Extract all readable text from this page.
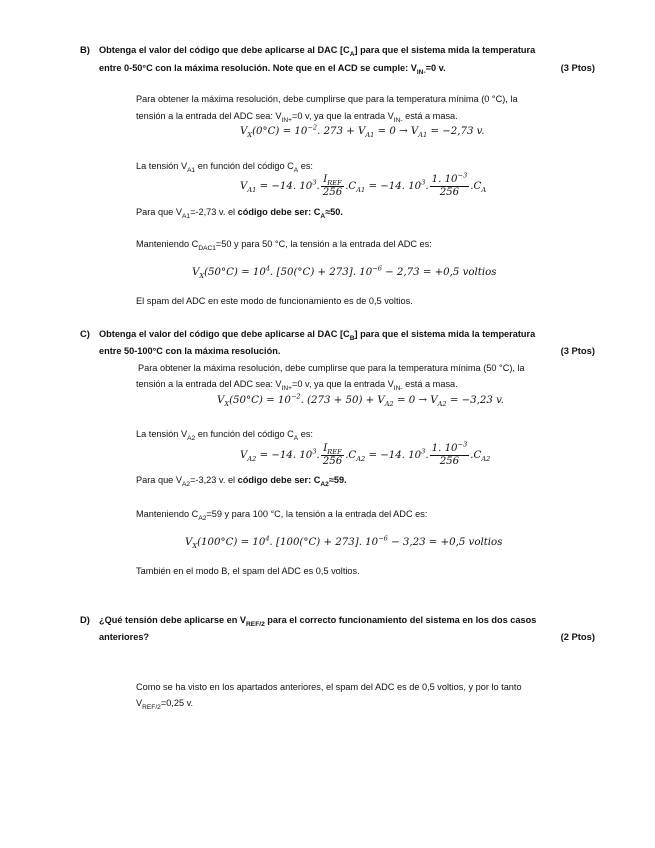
B) Obtenga el valor del código que debe aplicarse al DAC $[C_A]$ para que el sistema mida la temperatura
entre 0-50°C con la máxima resolución. Note que en el ACD se cumple: $V_{IN-}=0$ v.	(3 Ptos)
Para obtener la máxima resolución, debe cumplirse que para la temperatura mínima (0 °C), la
tensión a la entrada del ADC sea: $V_{IN+}=0$ v, ya que la entrada $V_{IN-}$ está a masa.
$V_X(0^\circ C) = 10^{-2}$. $273 + V_{A1} = 0 \to V_{A1} = -2,73$ v.
La tensión $V_{A1}$ en función del código $C_A$ es:
$V_{A1} = -14$. $10^3$. $\frac{I_{REF}}{256} .C_{A1} = -14$. $10^3$. $\frac{1. 10^{-3}}{256} .C_A$
Para que $V_{A1}=-2,73$ v. el código debe ser: $C_A\approx 50$.
Manteniendo $C_{DAC1}=50$ y para 50 °C, la tensión a la entrada del ADC es:
$V_X(50^\circ C) = 10^4$. [50(°C) + 273]. $10^{-6} - 2,73 = +0,5$ voltios
El spam del ADC en este modo de funcionamiento es de 0,5 voltios.
C) Obtenga el valor del código que debe aplicarse al DAC $[C_B]$ para que el sistema mida la temperatura
entre 50-100°C con la máxima resolución.	(3 Ptos)
Para obtener la máxima resolución, debe cumplirse que para la temperatura mínima (50 °C), la
tensión a la entrada del ADC sea: $V_{IN+}=0$ v, ya que la entrada $V_{IN-}$ está a masa.
$V_X(50^\circ C) = 10^{-2}$. $(273 + 50) + V_{A2} = 0 \to V_{A2} = -3,23$ v.
La tensión $V_{A2}$ en función del código $C_A$ es:
$V_{A2} = -14$. $10^3$. $\frac{I_{REF}}{256} .C_{A2} = -14$. $10^3$. $\frac{1. 10^{-3}}{256} .C_{A2}$
Para que $V_{A2}=-3,23$ v. el código debe ser: $C_{A2}\approx 59$.
Manteniendo $C_{A2}=59$ y para 100 °C, la tensión a la entrada del ADC es:
$V_X(100^\circ C) = 10^4$. [100(°C) + 273]. $10^{-6} - 3,23 = +0,5$ voltios
También en el modo B, el spam del ADC es 0,5 voltios.
D) ¿Qué tensión debe aplicarse en $V_{REF/2}$ para el correcto funcionamiento del sistema en los dos casos
anteriores?	(2 Ptos)
Como se ha visto en los apartados anteriores, el spam del ADC es de 0,5 voltios, y por lo tanto
$V_{REF/2}=0,25$ v.
